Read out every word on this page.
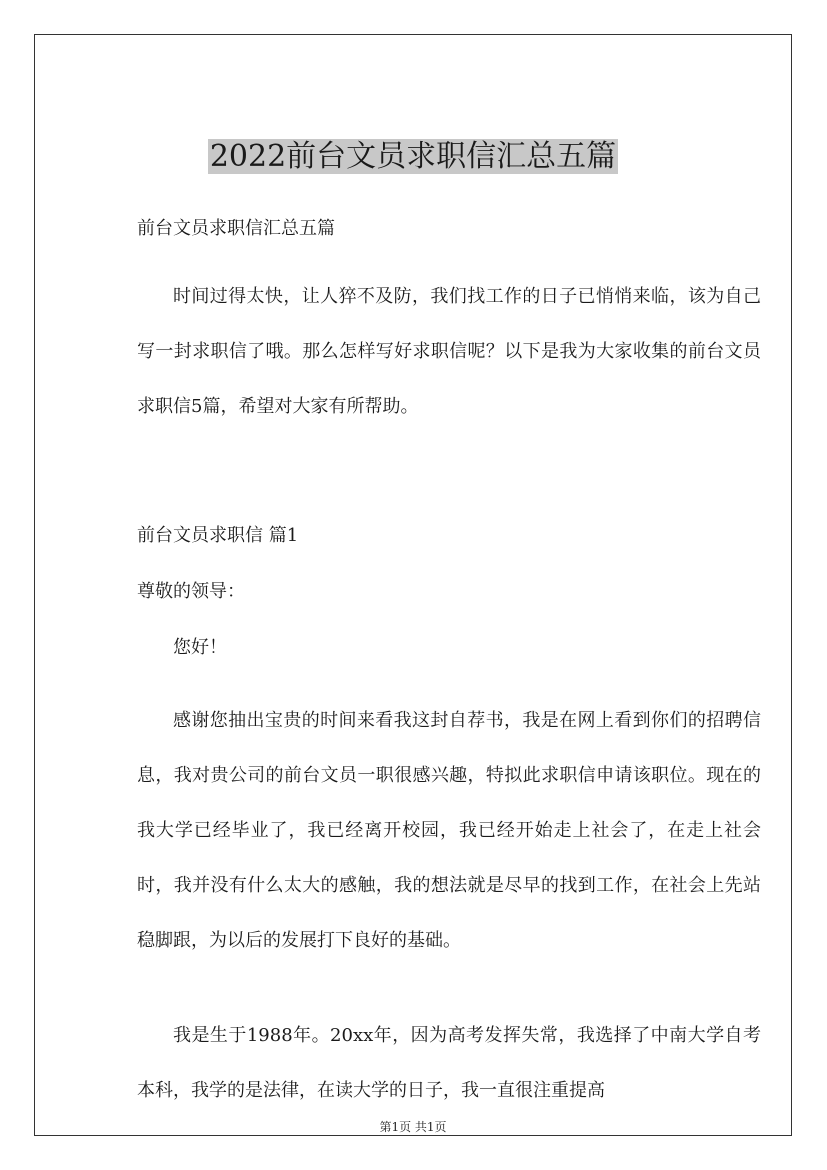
2022前台文员求职信汇总五篇

前台文员求职信汇总五篇

时间过得太快，让人猝不及防，我们找工作的日子已悄悄来临，该为自己写一封求职信了哦。那么怎样写好求职信呢？以下是我为大家收集的前台文员求职信5篇，希望对大家有所帮助。

前台文员求职信 篇1

尊敬的领导：

您好！

感谢您抽出宝贵的时间来看我这封自荐书，我是在网上看到你们的招聘信息，我对贵公司的前台文员一职很感兴趣，特拟此求职信申请该职位。现在的我大学已经毕业了，我已经离开校园，我已经开始走上社会了，在走上社会时，我并没有什么太大的感触，我的想法就是尽早的找到工作，在社会上先站稳脚跟，为以后的发展打下良好的基础。

我是生于1988年。20xx年，因为高考发挥失常，我选择了中南大学自考本科，我学的是法律，在读大学的日子，我一直很注重提高

第1页 共1页
